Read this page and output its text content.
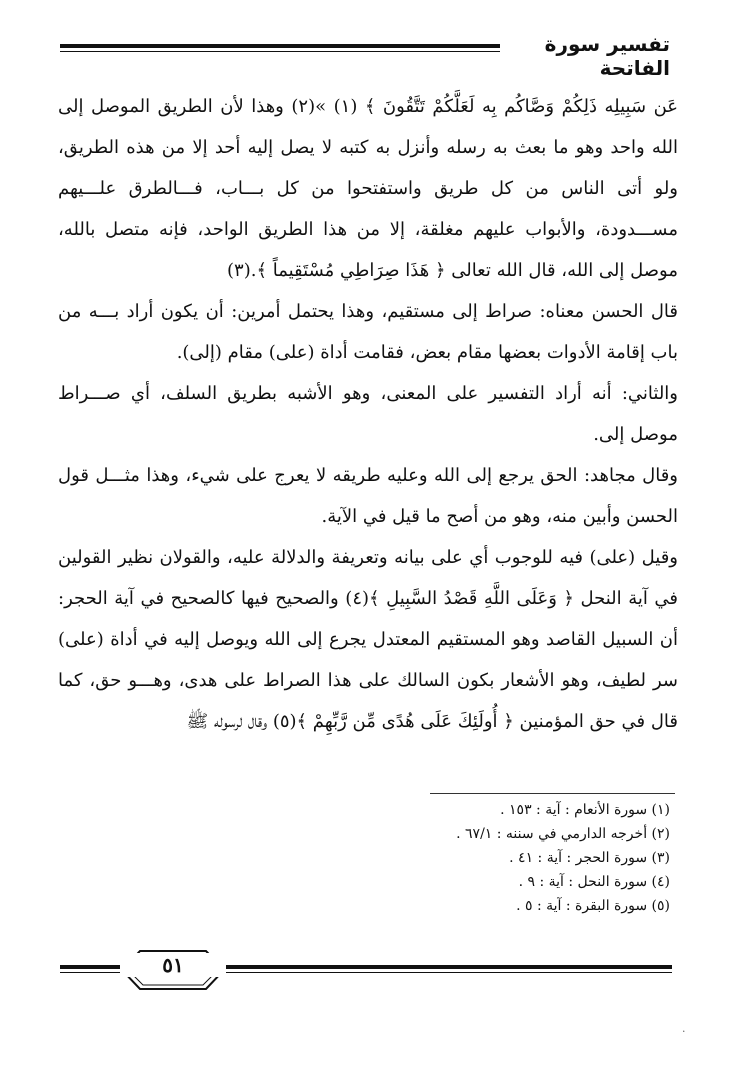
تفسير سورة الفاتحة

عَن سَبِيلِه ذَلِكُمْ وَصَّاكُم بِه لَعَلَّكُمْ تَتَّقُونَ ﴾ (١) »(٢) وهذا لأن الطريق الموصل إلى الله واحد وهو ما بعث به رسله وأنزل به كتبه لا يصل إليه أحد إلا من هذه الطريق، ولو أتى الناس من كل طريق واستفتحوا من كل بـــاب، فـــالطرق علـــيهم مســـدودة، والأبواب عليهم مغلقة، إلا من هذا الطريق الواحد، فإنه متصل بالله، موصل إلى الله، قال الله تعالى ﴿ هَذَا صِرَاطِي مُسْتَقِيماً ﴾.(٣)

قال الحسن معناه: صراط إلى مستقيم، وهذا يحتمل أمرين: أن يكون أراد بـــه من باب إقامة الأدوات بعضها مقام بعض، فقامت أداة (على) مقام (إلى).

والثاني: أنه أراد التفسير على المعنى، وهو الأشبه بطريق السلف، أي صـــراط موصل إلى.

وقال مجاهد: الحق يرجع إلى الله وعليه طريقه لا يعرج على شيء، وهذا مثـــل قول الحسن وأبين منه، وهو من أصح ما قيل في الآية.

وقيل (على) فيه للوجوب أي على بيانه وتعريفة والدلالة عليه، والقولان نظير القولين في آية النحل ﴿ وَعَلَى اللَّهِ قَصْدُ السَّبِيلِ ﴾(٤) والصحيح فيها كالصحيح في آية الحجر: أن السبيل القاصد وهو المستقيم المعتدل يجرع إلى الله ويوصل إليه في أداة (على) سر لطيف، وهو الأشعار بكون السالك على هذا الصراط على هدى، وهـــو حق، كما قال في حق المؤمنين ﴿ أُولَئِكَ عَلَى هُدًى مِّن رَّبِّهِمْ ﴾(٥) وقال لرسوله ﷺ

(١) سورة الأنعام : آية : ١٥٣ .

(٢) أخرجه الدارمي في سننه : ٦٧/١ .

(٣) سورة الحجر : آية : ٤١ .

(٤) سورة النحل : آية : ٩ .

(٥) سورة البقرة : آية : ٥ .

٥١
·
